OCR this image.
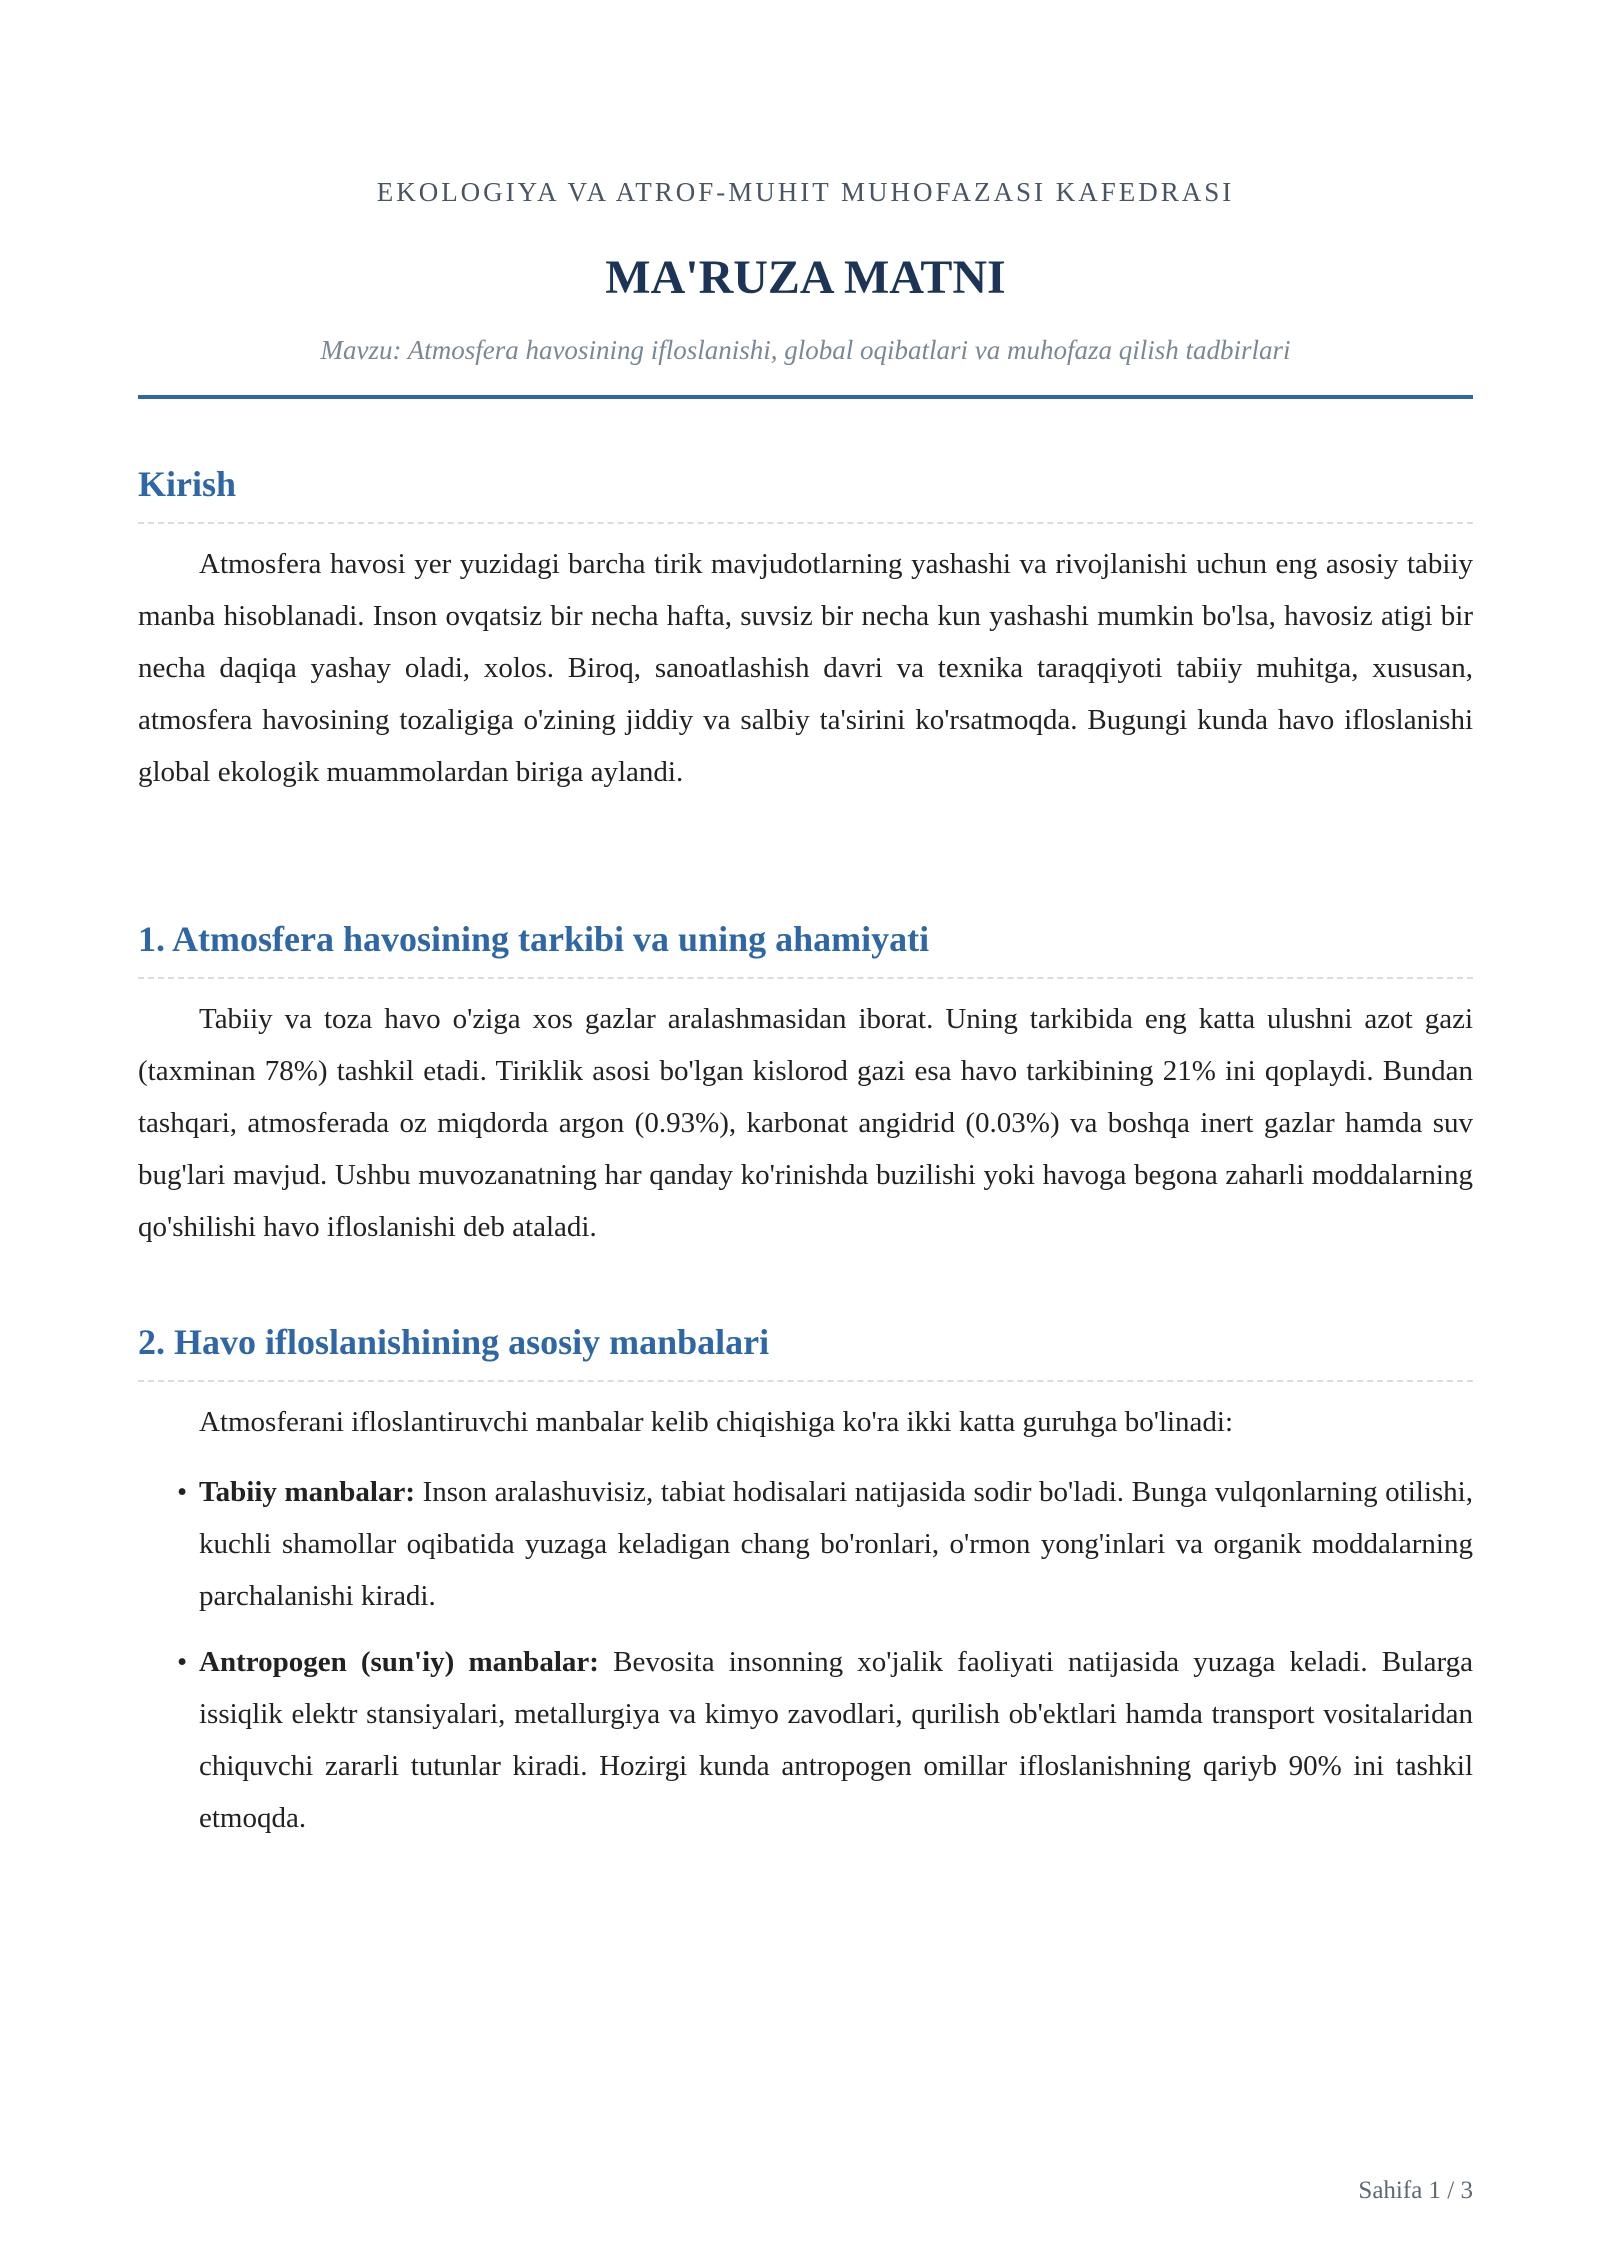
EKOLOGIYA VA ATROF-MUHIT MUHOFAZASI KAFEDRASI

MA'RUZA MATNI

Mavzu: Atmosfera havosining ifloslanishi, global oqibatlari va muhofaza qilish tadbirlari

Kirish

Atmosfera havosi yer yuzidagi barcha tirik mavjudotlarning yashashi va rivojlanishi uchun eng asosiy tabiiy manba hisoblanadi. Inson ovqatsiz bir necha hafta, suvsiz bir necha kun yashashi mumkin bo'lsa, havosiz atigi bir necha daqiqa yashay oladi, xolos. Biroq, sanoatlashish davri va texnika taraqqiyoti tabiiy muhitga, xususan, atmosfera havosining tozaligiga o'zining jiddiy va salbiy ta'sirini ko'rsatmoqda. Bugungi kunda havo ifloslanishi global ekologik muammolardan biriga aylandi.

1. Atmosfera havosining tarkibi va uning ahamiyati

Tabiiy va toza havo o'ziga xos gazlar aralashmasidan iborat. Uning tarkibida eng katta ulushni azot gazi (taxminan 78%) tashkil etadi. Tiriklik asosi bo'lgan kislorod gazi esa havo tarkibining 21% ini qoplaydi. Bundan tashqari, atmosferada oz miqdorda argon (0.93%), karbonat angidrid (0.03%) va boshqa inert gazlar hamda suv bug'lari mavjud. Ushbu muvozanatning har qanday ko'rinishda buzilishi yoki havoga begona zaharli moddalarning qo'shilishi havo ifloslanishi deb ataladi.

2. Havo ifloslanishining asosiy manbalari

Atmosferani ifloslantiruvchi manbalar kelib chiqishiga ko'ra ikki katta guruhga bo'linadi:

• Tabiiy manbalar: Inson aralashuvisiz, tabiat hodisalari natijasida sodir bo'ladi. Bunga vulqonlarning otilishi, kuchli shamollar oqibatida yuzaga keladigan chang bo'ronlari, o'rmon yong'inlari va organik moddalarning parchalanishi kiradi.
• Antropogen (sun'iy) manbalar: Bevosita insonning xo'jalik faoliyati natijasida yuzaga keladi. Bularga issiqlik elektr stansiyalari, metallurgiya va kimyo zavodlari, qurilish ob'ektlari hamda transport vositalaridan chiquvchi zararli tutunlar kiradi. Hozirgi kunda antropogen omillar ifloslanishning qariyb 90% ini tashkil etmoqda.
Sahifa 1 / 3
